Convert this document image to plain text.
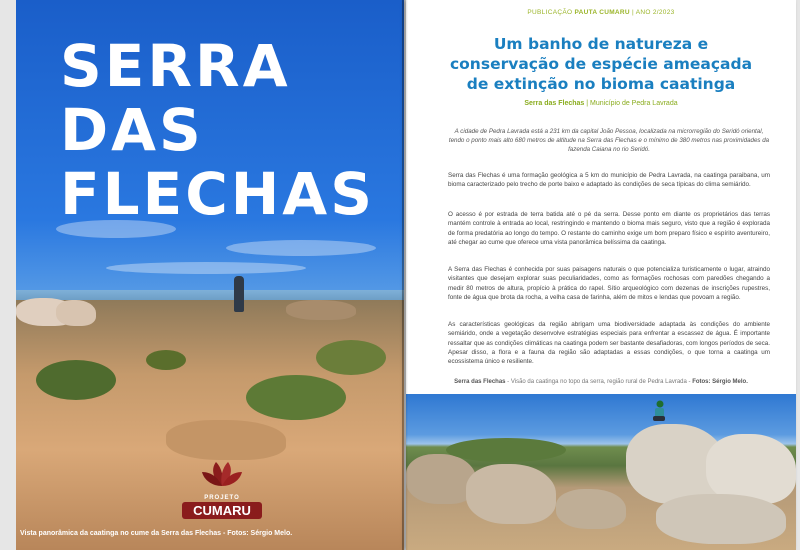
SERRA
DAS
FLECHAS
PROJETO
CUMARU
Vista panorâmica da caatinga no cume da Serra das Flechas - Fotos: Sérgio Melo.
PUBLICAÇÃO PAUTA CUMARU | ANO 2/2023
Um banho de natureza e
conservação de espécie ameaçada
de extinção no bioma caatinga
Serra das Flechas | Município de Pedra Lavrada

A cidade de Pedra Lavrada está a 231 km da capital João Pessoa, localizada na microrregião do Seridó oriental, tendo o ponto mais alto 680 metros de altitude na Serra das Flechas e o mínimo de 380 metros nas proximidades da fazenda Caiana no rio Seridó.

Serra das Flechas é uma formação geológica a 5 km do município de Pedra Lavrada, na caatinga paraibana, um bioma caracterizado pelo trecho de porte baixo e adaptado às condições de seca típicas do clima semiárido.

O acesso é por estrada de terra batida até o pé da serra. Desse ponto em diante os proprietários das terras mantém controle à entrada ao local, restringindo e mantendo o bioma mais seguro, visto que a região é explorada de forma predatória ao longo do tempo. O restante do caminho exige um bom preparo físico e espírito aventureiro, até chegar ao cume que oferece uma vista panorâmica belíssima da caatinga.

A Serra das Flechas é conhecida por suas paisagens naturais o que potencializa turisticamente o lugar, atraindo visitantes que desejam explorar suas peculiaridades, como as formações rochosas com paredões chegando a medir 80 metros de altura, propício à prática do rapel. Sítio arqueológico com dezenas de inscrições rupestres, fonte de água que brota da rocha, a velha casa de farinha, além de mitos e lendas que povoam a região.

As características geológicas da região abrigam uma biodiversidade adaptada às condições do ambiente semiárido, onde a vegetação desenvolve estratégias especiais para enfrentar a escassez de água. É importante ressaltar que as condições climáticas na caatinga podem ser bastante desafiadoras, com longos períodos de seca. Apesar disso, a flora e a fauna da região são adaptadas a essas condições, o que torna a caatinga um ecossistema único e resiliente.

Serra das Flechas - Visão da caatinga no topo da serra, região rural de Pedra Lavrada - Fotos: Sérgio Melo.
